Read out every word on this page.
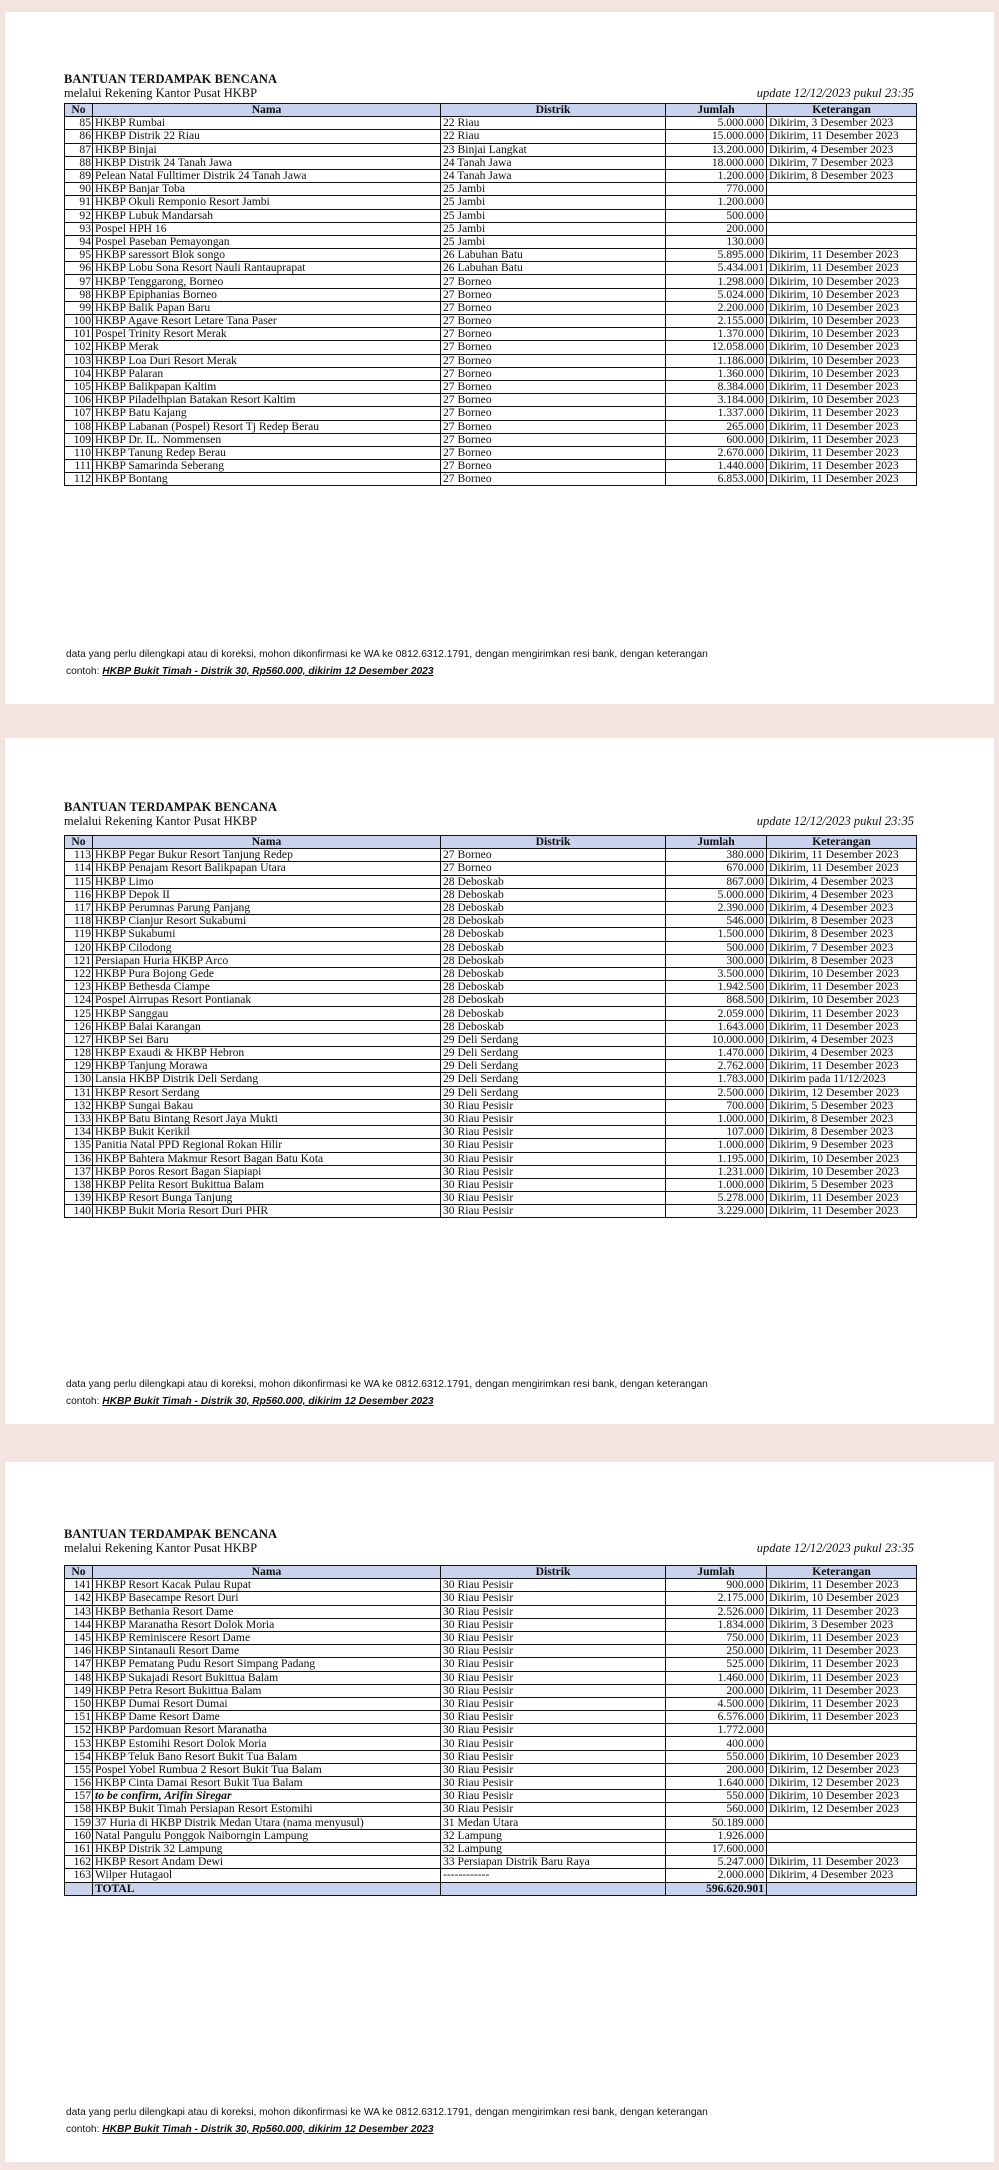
BANTUAN TERDAMPAK BENCANA
melalui Rekening Kantor Pusat HKBP	update 12/12/2023 pukul 23:35
No	Nama	Distrik	Jumlah	Keterangan
85	HKBP Rumbai	22 Riau	5.000.000	Dikirim, 3 Desember 2023
86	HKBP Distrik 22 Riau	22 Riau	15.000.000	Dikirim, 11 Desember 2023
87	HKBP Binjai	23 Binjai Langkat	13.200.000	Dikirim, 4 Desember 2023
88	HKBP Distrik 24 Tanah Jawa	24 Tanah Jawa	18.000.000	Dikirim, 7 Desember 2023
89	Pelean Natal Fulltimer Distrik 24 Tanah Jawa	24 Tanah Jawa	1.200.000	Dikirim, 8 Desember 2023
90	HKBP Banjar Toba	25 Jambi	770.000	
91	HKBP Okuli Remponio Resort Jambi	25 Jambi	1.200.000	
92	HKBP Lubuk Mandarsah	25 Jambi	500.000	
93	Pospel HPH 16	25 Jambi	200.000	
94	Pospel Paseban Pemayongan	25 Jambi	130.000	
95	HKBP saressort Blok songo	26 Labuhan Batu	5.895.000	Dikirim, 11 Desember 2023
96	HKBP Lobu Sona Resort Nauli Rantauprapat	26 Labuhan Batu	5.434.001	Dikirim, 11 Desember 2023
97	HKBP Tenggarong, Borneo	27 Borneo	1.298.000	Dikirim, 10 Desember 2023
98	HKBP Epiphanias Borneo	27 Borneo	5.024.000	Dikirim, 10 Desember 2023
99	HKBP Balik Papan Baru	27 Borneo	2.200.000	Dikirim, 10 Desember 2023
100	HKBP Agave Resort Letare Tana Paser	27 Borneo	2.155.000	Dikirim, 10 Desember 2023
101	Pospel Trinity Resort Merak	27 Borneo	1.370.000	Dikirim, 10 Desember 2023
102	HKBP Merak	27 Borneo	12.058.000	Dikirim, 10 Desember 2023
103	HKBP Loa Duri Resort Merak	27 Borneo	1.186.000	Dikirim, 10 Desember 2023
104	HKBP Palaran	27 Borneo	1.360.000	Dikirim, 10 Desember 2023
105	HKBP Balikpapan Kaltim	27 Borneo	8.384.000	Dikirim, 11 Desember 2023
106	HKBP Piladelhpian Batakan Resort Kaltim	27 Borneo	3.184.000	Dikirim, 10 Desember 2023
107	HKBP Batu Kajang	27 Borneo	1.337.000	Dikirim, 11 Desember 2023
108	HKBP Labanan (Pospel) Resort Tj Redep Berau	27 Borneo	265.000	Dikirim, 11 Desember 2023
109	HKBP Dr. IL. Nommensen	27 Borneo	600.000	Dikirim, 11 Desember 2023
110	HKBP Tanung Redep Berau	27 Borneo	2.670.000	Dikirim, 11 Desember 2023
111	HKBP Samarinda Seberang	27 Borneo	1.440.000	Dikirim, 11 Desember 2023
112	HKBP Bontang	27 Borneo	6.853.000	Dikirim, 11 Desember 2023
data yang perlu dilengkapi atau di koreksi, mohon dikonfirmasi ke WA ke 0812.6312.1791, dengan mengirimkan resi bank, dengan keterangan
contoh: HKBP Bukit Timah - Distrik 30, Rp560.000, dikirim 12 Desember 2023
BANTUAN TERDAMPAK BENCANA
melalui Rekening Kantor Pusat HKBP	update 12/12/2023 pukul 23:35
No	Nama	Distrik	Jumlah	Keterangan
113	HKBP Pegar Bukur Resort Tanjung Redep	27 Borneo	380.000	Dikirim, 11 Desember 2023
114	HKBP Penajam Resort Balikpapan Utara	27 Borneo	670.000	Dikirim, 11 Desember 2023
115	HKBP Limo	28 Deboskab	867.000	Dikirim, 4 Desember 2023
116	HKBP Depok II	28 Deboskab	5.000.000	Dikirim, 4 Desember 2023
117	HKBP Perumnas Parung Panjang	28 Deboskab	2.390.000	Dikirim, 4 Desember 2023
118	HKBP Cianjur Resort Sukabumi	28 Deboskab	546.000	Dikirim, 8 Desember 2023
119	HKBP Sukabumi	28 Deboskab	1.500.000	Dikirim, 8 Desember 2023
120	HKBP Cilodong	28 Deboskab	500.000	Dikirim, 7 Desember 2023
121	Persiapan Huria HKBP Arco	28 Deboskab	300.000	Dikirim, 8 Desember 2023
122	HKBP Pura Bojong Gede	28 Deboskab	3.500.000	Dikirim, 10 Desember 2023
123	HKBP Bethesda Ciampe	28 Deboskab	1.942.500	Dikirim, 11 Desember 2023
124	Pospel Airrupas Resort Pontianak	28 Deboskab	868.500	Dikirim, 10 Desember 2023
125	HKBP Sanggau	28 Deboskab	2.059.000	Dikirim, 11 Desember 2023
126	HKBP Balai Karangan	28 Deboskab	1.643.000	Dikirim, 11 Desember 2023
127	HKBP Sei Baru	29 Deli Serdang	10.000.000	Dikirim, 4 Desember 2023
128	HKBP Exaudi & HKBP Hebron	29 Deli Serdang	1.470.000	Dikirim, 4 Desember 2023
129	HKBP Tanjung Morawa	29 Deli Serdang	2.762.000	Dikirim, 11 Desember 2023
130	Lansia HKBP Distrik Deli Serdang	29 Deli Serdang	1.783.000	Dikirim pada 11/12/2023
131	HKBP Resort Serdang	29 Deli Serdang	2.500.000	Dikirim, 12 Desember 2023
132	HKBP Sungai Bakau	30 Riau Pesisir	700.000	Dikirim, 5 Desember 2023
133	HKBP Batu Bintang Resort Jaya Mukti	30 Riau Pesisir	1.000.000	Dikirim, 8 Desember 2023
134	HKBP Bukit Kerikil	30 Riau Pesisir	107.000	Dikirim, 8 Desember 2023
135	Panitia Natal PPD Regional Rokan Hilir	30 Riau Pesisir	1.000.000	Dikirim, 9 Desember 2023
136	HKBP Bahtera Makmur Resort Bagan Batu Kota	30 Riau Pesisir	1.195.000	Dikirim, 10 Desember 2023
137	HKBP Poros Resort Bagan Siapiapi	30 Riau Pesisir	1.231.000	Dikirim, 10 Desember 2023
138	HKBP Pelita Resort Bukittua Balam	30 Riau Pesisir	1.000.000	Dikirim, 5 Desember 2023
139	HKBP Resort Bunga Tanjung	30 Riau Pesisir	5.278.000	Dikirim, 11 Desember 2023
140	HKBP Bukit Moria Resort Duri PHR	30 Riau Pesisir	3.229.000	Dikirim, 11 Desember 2023
data yang perlu dilengkapi atau di koreksi, mohon dikonfirmasi ke WA ke 0812.6312.1791, dengan mengirimkan resi bank, dengan keterangan
contoh: HKBP Bukit Timah - Distrik 30, Rp560.000, dikirim 12 Desember 2023
BANTUAN TERDAMPAK BENCANA
melalui Rekening Kantor Pusat HKBP	update 12/12/2023 pukul 23:35
No	Nama	Distrik	Jumlah	Keterangan
141	HKBP Resort Kacak Pulau Rupat	30 Riau Pesisir	900.000	Dikirim, 11 Desember 2023
142	HKBP Basecampe Resort Duri	30 Riau Pesisir	2.175.000	Dikirim, 10 Desember 2023
143	HKBP Bethania Resort Dame	30 Riau Pesisir	2.526.000	Dikirim, 11 Desember 2023
144	HKBP Maranatha Resort Dolok Moria	30 Riau Pesisir	1.834.000	Dikirim, 3 Desember 2023
145	HKBP Reminiscere Resort Dame	30 Riau Pesisir	750.000	Dikirim, 11 Desember 2023
146	HKBP Sintanauli Resort Dame	30 Riau Pesisir	250.000	Dikirim, 11 Desember 2023
147	HKBP Pematang Pudu Resort Simpang Padang	30 Riau Pesisir	525.000	Dikirim, 11 Desember 2023
148	HKBP Sukajadi Resort Bukittua Balam	30 Riau Pesisir	1.460.000	Dikirim, 11 Desember 2023
149	HKBP Petra Resort Bukittua Balam	30 Riau Pesisir	200.000	Dikirim, 11 Desember 2023
150	HKBP Dumai Resort Dumai	30 Riau Pesisir	4.500.000	Dikirim, 11 Desember 2023
151	HKBP Dame Resort Dame	30 Riau Pesisir	6.576.000	Dikirim, 11 Desember 2023
152	HKBP Pardomuan Resort Maranatha	30 Riau Pesisir	1.772.000	
153	HKBP Estomihi Resort Dolok Moria	30 Riau Pesisir	400.000	
154	HKBP Teluk Bano Resort Bukit Tua Balam	30 Riau Pesisir	550.000	Dikirim, 10 Desember 2023
155	Pospel Yobel Rumbua 2 Resort Bukit Tua Balam	30 Riau Pesisir	200.000	Dikirim, 12 Desember 2023
156	HKBP Cinta Damai Resort Bukit Tua Balam	30 Riau Pesisir	1.640.000	Dikirim, 12 Desember 2023
157	to be confirm, Arifin Siregar	30 Riau Pesisir	550.000	Dikirim, 10 Desember 2023
158	HKBP Bukit Timah Persiapan Resort Estomihi	30 Riau Pesisir	560.000	Dikirim, 12 Desember 2023
159	37 Huria di HKBP Distrik Medan Utara (nama menyusul)	31 Medan Utara	50.189.000	
160	Natal Pangulu Ponggok Naiborngin Lampung	32 Lampung	1.926.000	
161	HKBP Distrik 32 Lampung	32 Lampung	17.600.000	
162	HKBP Resort Andam Dewi	33 Persiapan Distrik Baru Raya	5.247.000	Dikirim, 11 Desember 2023
163	Wilper Hutagaol	------------	2.000.000	Dikirim, 4 Desember 2023
	TOTAL		596.620.901	
data yang perlu dilengkapi atau di koreksi, mohon dikonfirmasi ke WA ke 0812.6312.1791, dengan mengirimkan resi bank, dengan keterangan
contoh: HKBP Bukit Timah - Distrik 30, Rp560.000, dikirim 12 Desember 2023
